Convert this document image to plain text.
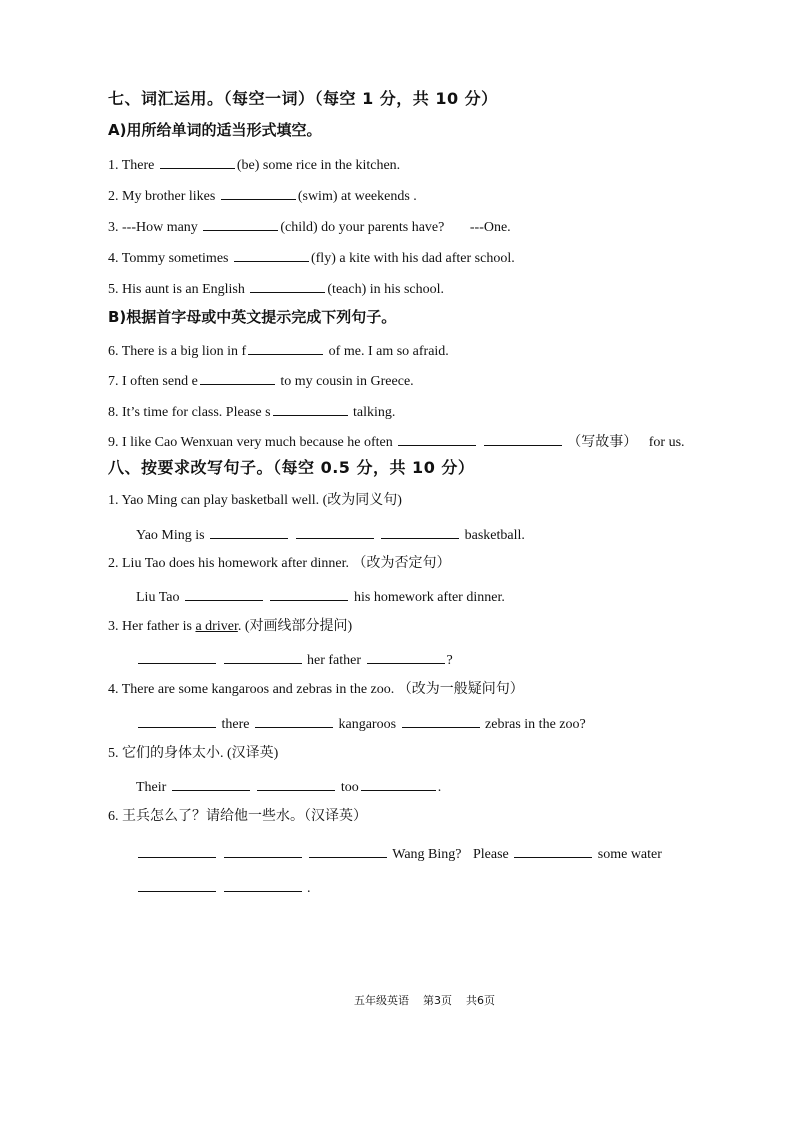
七、词汇运用。（每空一词）（每空 1 分，共 10 分）
A)用所给单词的适当形式填空。
1. There	(be) some rice in the kitchen.
2. My brother likes	(swim) at weekends .
3. ---How many	(child) do your parents have? ---One.
4. Tommy sometimes	(fly) a kite with his dad after school.
5. His aunt is an English	(teach) in his school.
B)根据首字母或中英文提示完成下列句子。
6. There is a big lion in f	of me. I am so afraid.
7. I often send e	to my cousin in Greece.
8. It’s time for class. Please s	talking.
9. I like Cao Wenxuan very much because he often	（写故事） for us.
八、按要求改写句子。（每空 0.5 分，共 10 分）
1. Yao Ming can play basketball well. (改为同义句)
Yao Ming is	basketball.
2. Liu Tao does his homework after dinner. （改为否定句）
Liu Tao	his homework after dinner.
3. Her father is a driver. (对画线部分提问)
her father	?
4. There are some kangaroos and zebras in the zoo. （改为一般疑问句）
there	kangaroos	zebras in the zoo?
5. 它们的身体太小. (汉译英)
Their	too	.
6. 王兵怎么了？请给他一些水。（汉译英）
Wang Bing? Please	some water
.
五年级英语    第3页    共6页
